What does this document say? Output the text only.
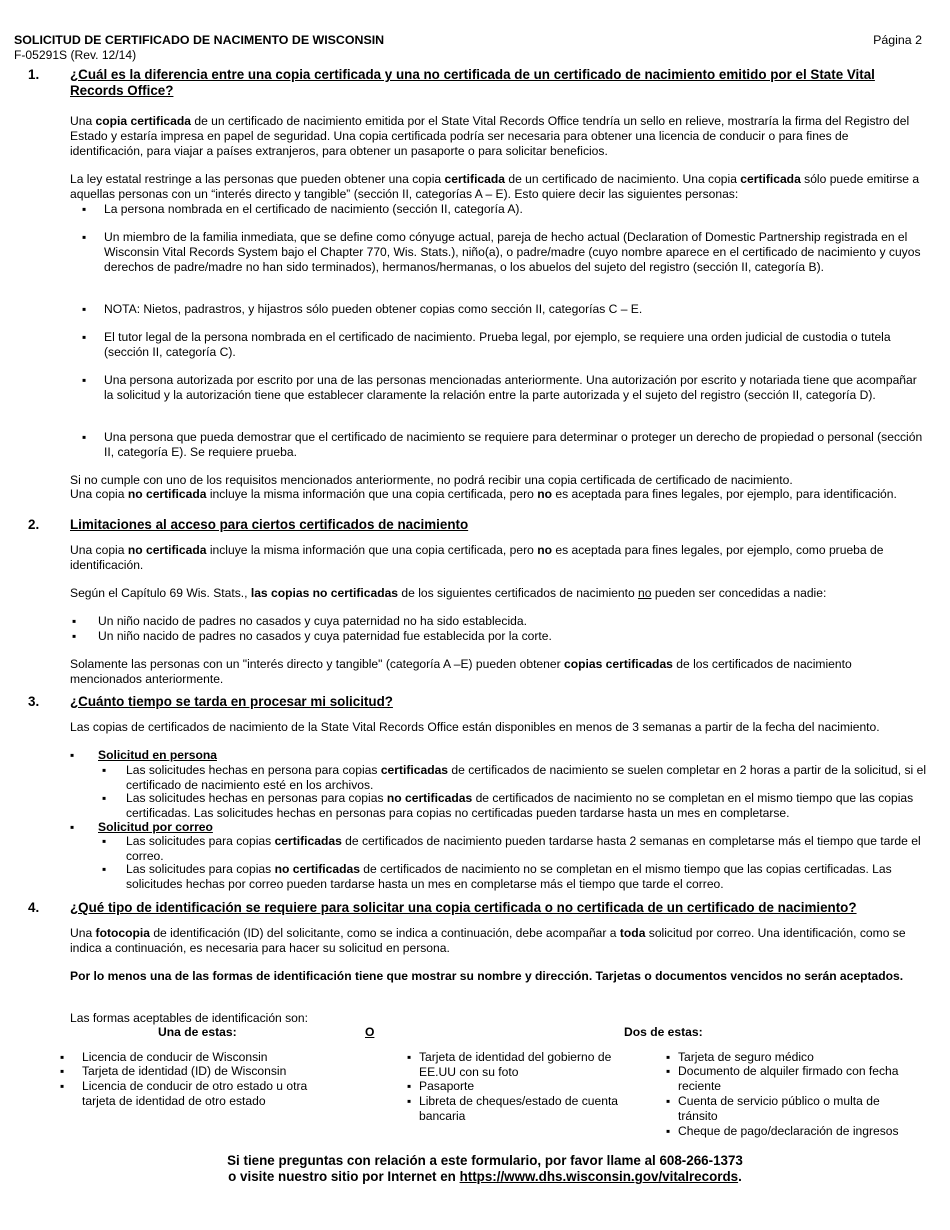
SOLICITUD DE CERTIFICADO DE NACIMENTO DE WISCONSIN
F-05291S (Rev. 12/14)
Página 2
1. ¿Cuál es la diferencia entre una copia certificada y una no certificada de un certificado de nacimiento emitido por el State Vital Records Office?

Una copia certificada de un certificado de nacimiento emitida por el State Vital Records Office tendría un sello en relieve, mostraría la firma del Registro del Estado y estaría impresa en papel de seguridad. Una copia certificada podría ser necesaria para obtener una licencia de conducir o para fines de identificación, para viajar a países extranjeros, para obtener un pasaporte o para solicitar beneficios.

La ley estatal restringe a las personas que pueden obtener una copia certificada de un certificado de nacimiento. Una copia certificada sólo puede emitirse a aquellas personas con un “interés directo y tangible” (sección II, categorías A – E). Esto quiere decir las siguientes personas:

▪ La persona nombrada en el certificado de nacimiento (sección II, categoría A).
▪ Un miembro de la familia inmediata, que se define como cónyuge actual, pareja de hecho actual (Declaration of Domestic Partnership registrada en el Wisconsin Vital Records System bajo el Chapter 770, Wis. Stats.), niño(a), o padre/madre (cuyo nombre aparece en el certificado de nacimiento y cuyos derechos de padre/madre no han sido terminados), hermanos/hermanas, o los abuelos del sujeto del registro (sección II, categoría B).
▪ NOTA: Nietos, padrastros, y hijastros sólo pueden obtener copias como sección II, categorías C – E.
▪ El tutor legal de la persona nombrada en el certificado de nacimiento. Prueba legal, por ejemplo, se requiere una orden judicial de custodia o tutela (sección II, categoría C).
▪ Una persona autorizada por escrito por una de las personas mencionadas anteriormente. Una autorización por escrito y notariada tiene que acompañar la solicitud y la autorización tiene que establecer claramente la relación entre la parte autorizada y el sujeto del registro (sección II, categoría D).
▪ Una persona que pueda demostrar que el certificado de nacimiento se requiere para determinar o proteger un derecho de propiedad o personal (sección II, categoría E). Se requiere prueba.

Si no cumple con uno de los requisitos mencionados anteriormente, no podrá recibir una copia certificada de certificado de nacimiento.

Una copia no certificada incluye la misma información que una copia certificada, pero no es aceptada para fines legales, por ejemplo, para identificación.

2. Limitaciones al acceso para ciertos certificados de nacimiento

Una copia no certificada incluye la misma información que una copia certificada, pero no es aceptada para fines legales, por ejemplo, como prueba de identificación.

Según el Capítulo 69 Wis. Stats., las copias no certificadas de los siguientes certificados de nacimiento no pueden ser concedidas a nadie:

▪ Un niño nacido de padres no casados y cuya paternidad no ha sido establecida.
▪ Un niño nacido de padres no casados y cuya paternidad fue establecida por la corte.

Solamente las personas con un "interés directo y tangible" (categoría A –E) pueden obtener copias certificadas de los certificados de nacimiento mencionados anteriormente.

3. ¿Cuánto tiempo se tarda en procesar mi solicitud?

Las copias de certificados de nacimiento de la State Vital Records Office están disponibles en menos de 3 semanas a partir de la fecha del nacimiento.

▪ Solicitud en persona
▪ Las solicitudes hechas en persona para copias certificadas de certificados de nacimiento se suelen completar en 2 horas a partir de la solicitud, si el certificado de nacimiento esté en los archivos.
▪ Las solicitudes hechas en personas para copias no certificadas de certificados de nacimiento no se completan en el mismo tiempo que las copias certificadas. Las solicitudes hechas en personas para copias no certificadas pueden tardarse hasta un mes en completarse.
▪ Solicitud por correo
▪ Las solicitudes para copias certificadas de certificados de nacimiento pueden tardarse hasta 2 semanas en completarse más el tiempo que tarde el correo.
▪ Las solicitudes para copias no certificadas de certificados de nacimiento no se completan en el mismo tiempo que las copias certificadas. Las solicitudes hechas por correo pueden tardarse hasta un mes en completarse más el tiempo que tarde el correo.
4. ¿Qué tipo de identificación se requiere para solicitar una copia certificada o no certificada de un certificado de nacimiento?

Una fotocopia de identificación (ID) del solicitante, como se indica a continuación, debe acompañar a toda solicitud por correo. Una identificación, como se indica a continuación, es necesaria para hacer su solicitud en persona.

Por lo menos una de las formas de identificación tiene que mostrar su nombre y dirección. Tarjetas o documentos vencidos no serán aceptados.

Las formas aceptables de identificación son:

Una de estas:	O	Dos de estas:
▪ Licencia de conducir de Wisconsin
▪ Tarjeta de identidad (ID) de Wisconsin
▪ Licencia de conducir de otro estado u otra tarjeta de identidad de otro estado
▪ Tarjeta de identidad del gobierno de EE.UU con su foto
▪ Pasaporte
▪ Libreta de cheques/estado de cuenta bancaria
▪ Tarjeta de seguro médico
▪ Documento de alquiler firmado con fecha reciente
▪ Cuenta de servicio público o multa de tránsito
▪ Cheque de pago/declaración de ingresos
Si tiene preguntas con relación a este formulario, por favor llame al 608-266-1373
o visite nuestro sitio por Internet en https://www.dhs.wisconsin.gov/vitalrecords.
